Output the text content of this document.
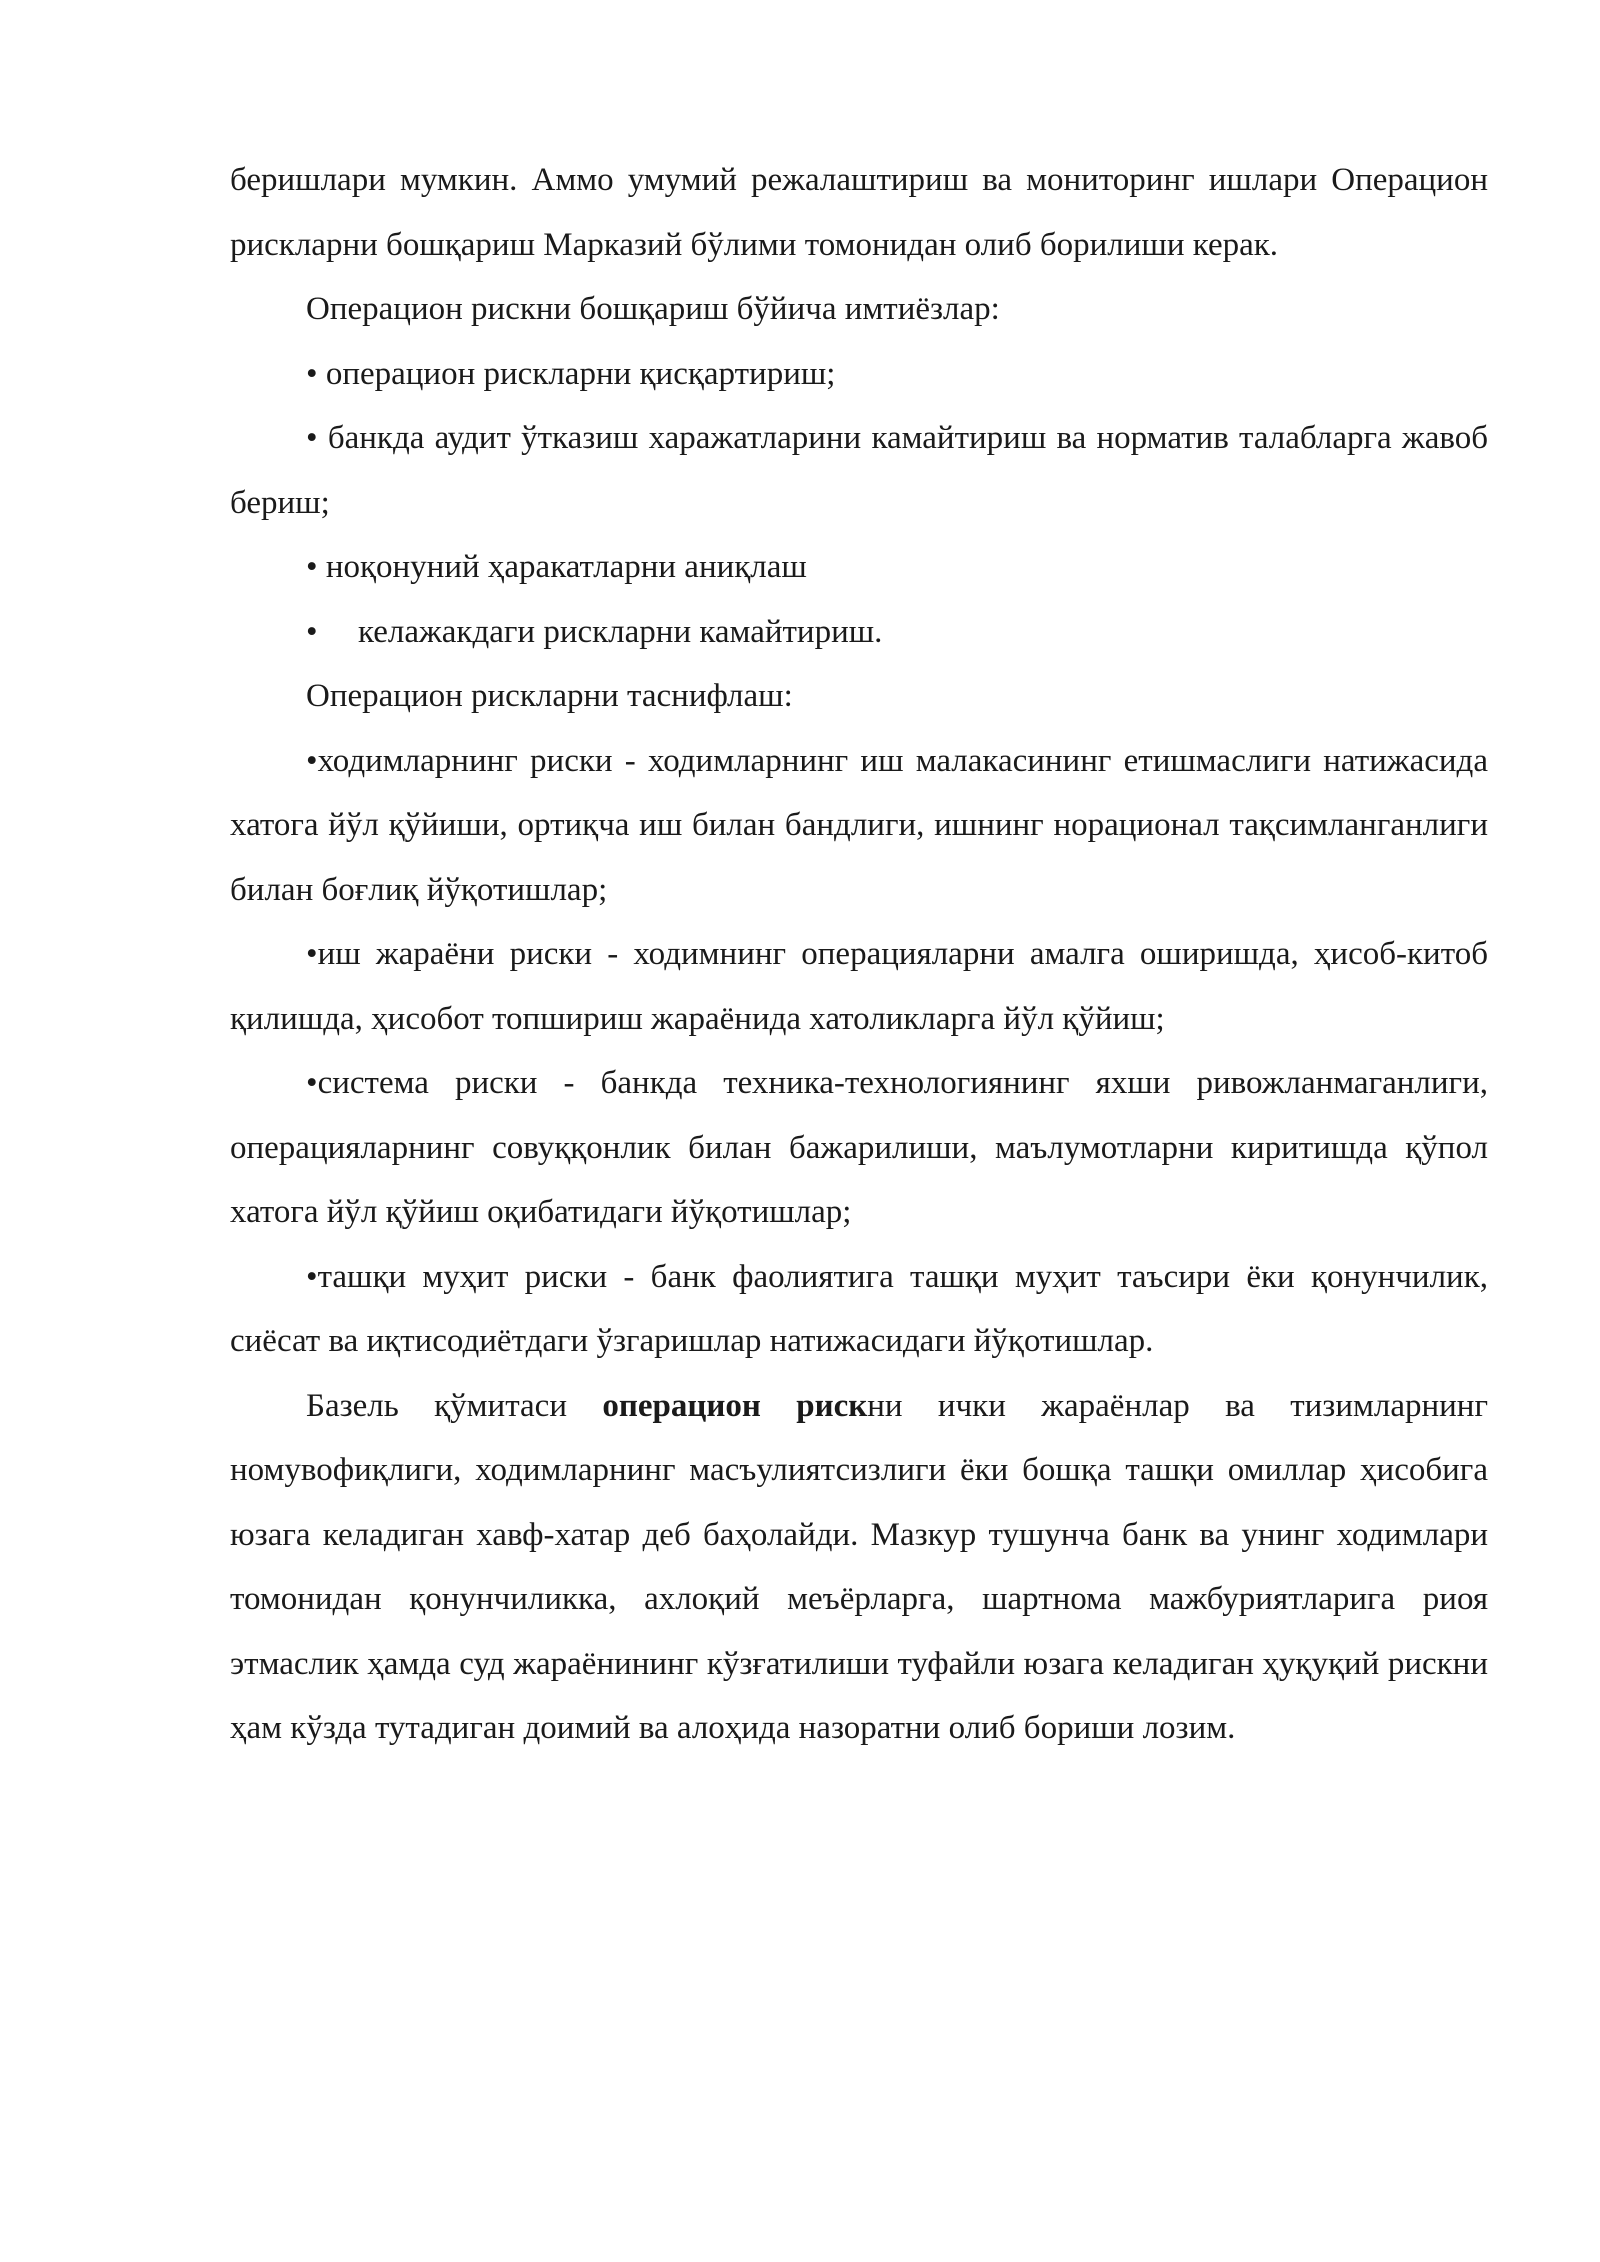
беришлари мумкин. Аммо умумий режалаштириш ва мониторинг ишлари Операцион рискларни бошқариш Марказий бўлими томонидан олиб борилиши керак.

Операцион рискни бошқариш бўйича имтиёзлар:

• операцион рискларни қисқартириш;
• банкда аудит ўтказиш харажатларини камайтириш ва норматив талабларга жавоб бериш;
• ноқонуний ҳаракатларни аниқлаш
• келажакдаги рискларни камайтириш.

Операцион рискларни таснифлаш:

•ходимларнинг риски - ходимларнинг иш малакасининг етишмаслиги натижасида хатога йўл қўйиши, ортиқча иш билан бандлиги, ишнинг норационал тақсимланганлиги билан боғлиқ йўқотишлар;
•иш жараёни риски - ходимнинг операцияларни амалга оширишда, ҳисоб-китоб қилишда, ҳисобот топшириш жараёнида хатоликларга йўл қўйиш;
•система риски - банкда техника-технологиянинг яхши ривожланмаганлиги, операцияларнинг совуққонлик билан бажарилиши, маълумотларни киритишда қўпол хатога йўл қўйиш оқибатидаги йўқотишлар;
•ташқи муҳит риски - банк фаолиятига ташқи муҳит таъсири ёки қонунчилик, сиёсат ва иқтисодиётдаги ўзгаришлар натижасидаги йўқотишлар.

Базель қўмитаси операцион рискни ички жараёнлар ва тизимларнинг номувофиқлиги, ходимларнинг масъулиятсизлиги ёки бошқа ташқи омиллар ҳисобига юзага келадиган хавф-хатар деб баҳолайди. Мазкур тушунча банк ва унинг ходимлари томонидан қонунчиликка, ахлоқий меъёрларга, шартнома мажбуриятларига риоя этмаслик ҳамда суд жараёнининг кўзғатилиши туфайли юзага келадиган ҳуқуқий рискни ҳам кўзда тутадиган доимий ва алоҳида назоратни олиб бориши лозим.
